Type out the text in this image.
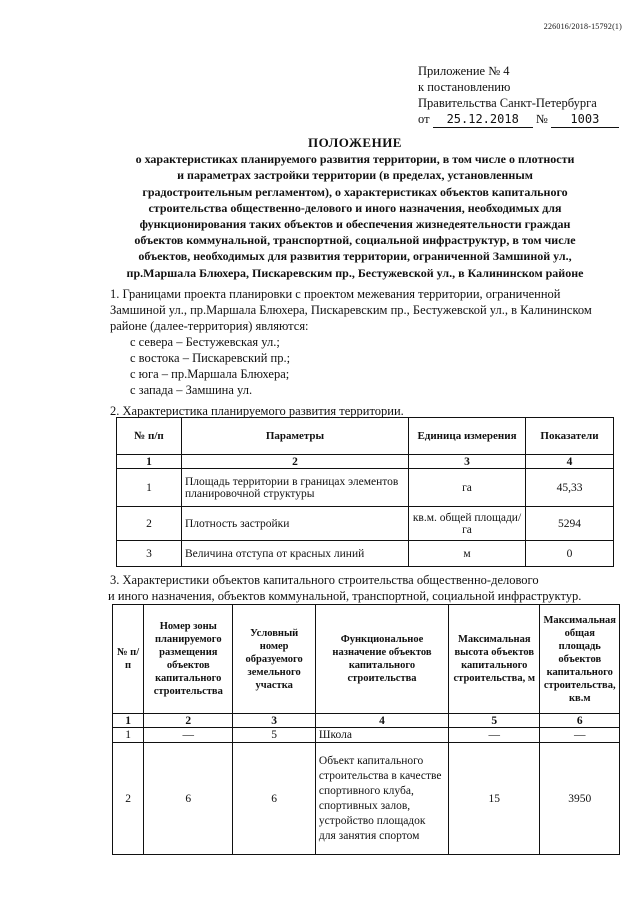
226016/2018-15792(1)
Приложение № 4
к постановлению
Правительства Санкт-Петербурга
от 25.12.2018 № 1003
ПОЛОЖЕНИЕ
о характеристиках планируемого развития территории, в том числе о плотности
и параметрах застройки территории (в пределах, установленным
градостроительным регламентом), о характеристиках объектов капитального
строительства общественно-делового и иного назначения, необходимых для
функционирования таких объектов и обеспечения жизнедеятельности граждан
объектов коммунальной, транспортной, социальной инфраструктур, в том числе
объектов, необходимых для развития территории, ограниченной Замшиной ул.,
пр.Маршала Блюхера, Пискаревским пр., Бестужевской ул., в Калининском районе
1. Границами проекта планировки с проектом межевания территории, ограниченной
Замшиной ул., пр.Маршала Блюхера, Пискаревским пр., Бестужевской ул., в Калининском
районе (далее-территория) являются:
с севера – Бестужевская ул.;
с востока – Пискаревский пр.;
с юга – пр.Маршала Блюхера;
с запада – Замшина ул.
2. Характеристика планируемого развития территории.
№ п/п	Параметры	Единица измерения	Показатели
1	2	3	4
1	Площадь территории в границах элементов планировочной структуры	га	45,33
2	Плотность застройки	кв.м. общей площади/га	5294
3	Величина отступа от красных линий	м	0
3. Характеристики объектов капитального строительства общественно-делового
и иного назначения, объектов коммунальной, транспортной, социальной инфраструктур.
№ п/п	Номер зоны планируемого размещения объектов капитального строительства	Условный номер образуемого земельного участка	Функциональное назначение объектов капитального строительства	Максимальная высота объектов капитального строительства, м	Максимальная общая площадь объектов капитального строительства, кв.м
1	2	3	4	5	6
1	—	5	Школа	—	—
2	6	6	Объект капитального строительства в качестве спортивного клуба, спортивных залов, устройство площадок для занятия спортом	15	3950
